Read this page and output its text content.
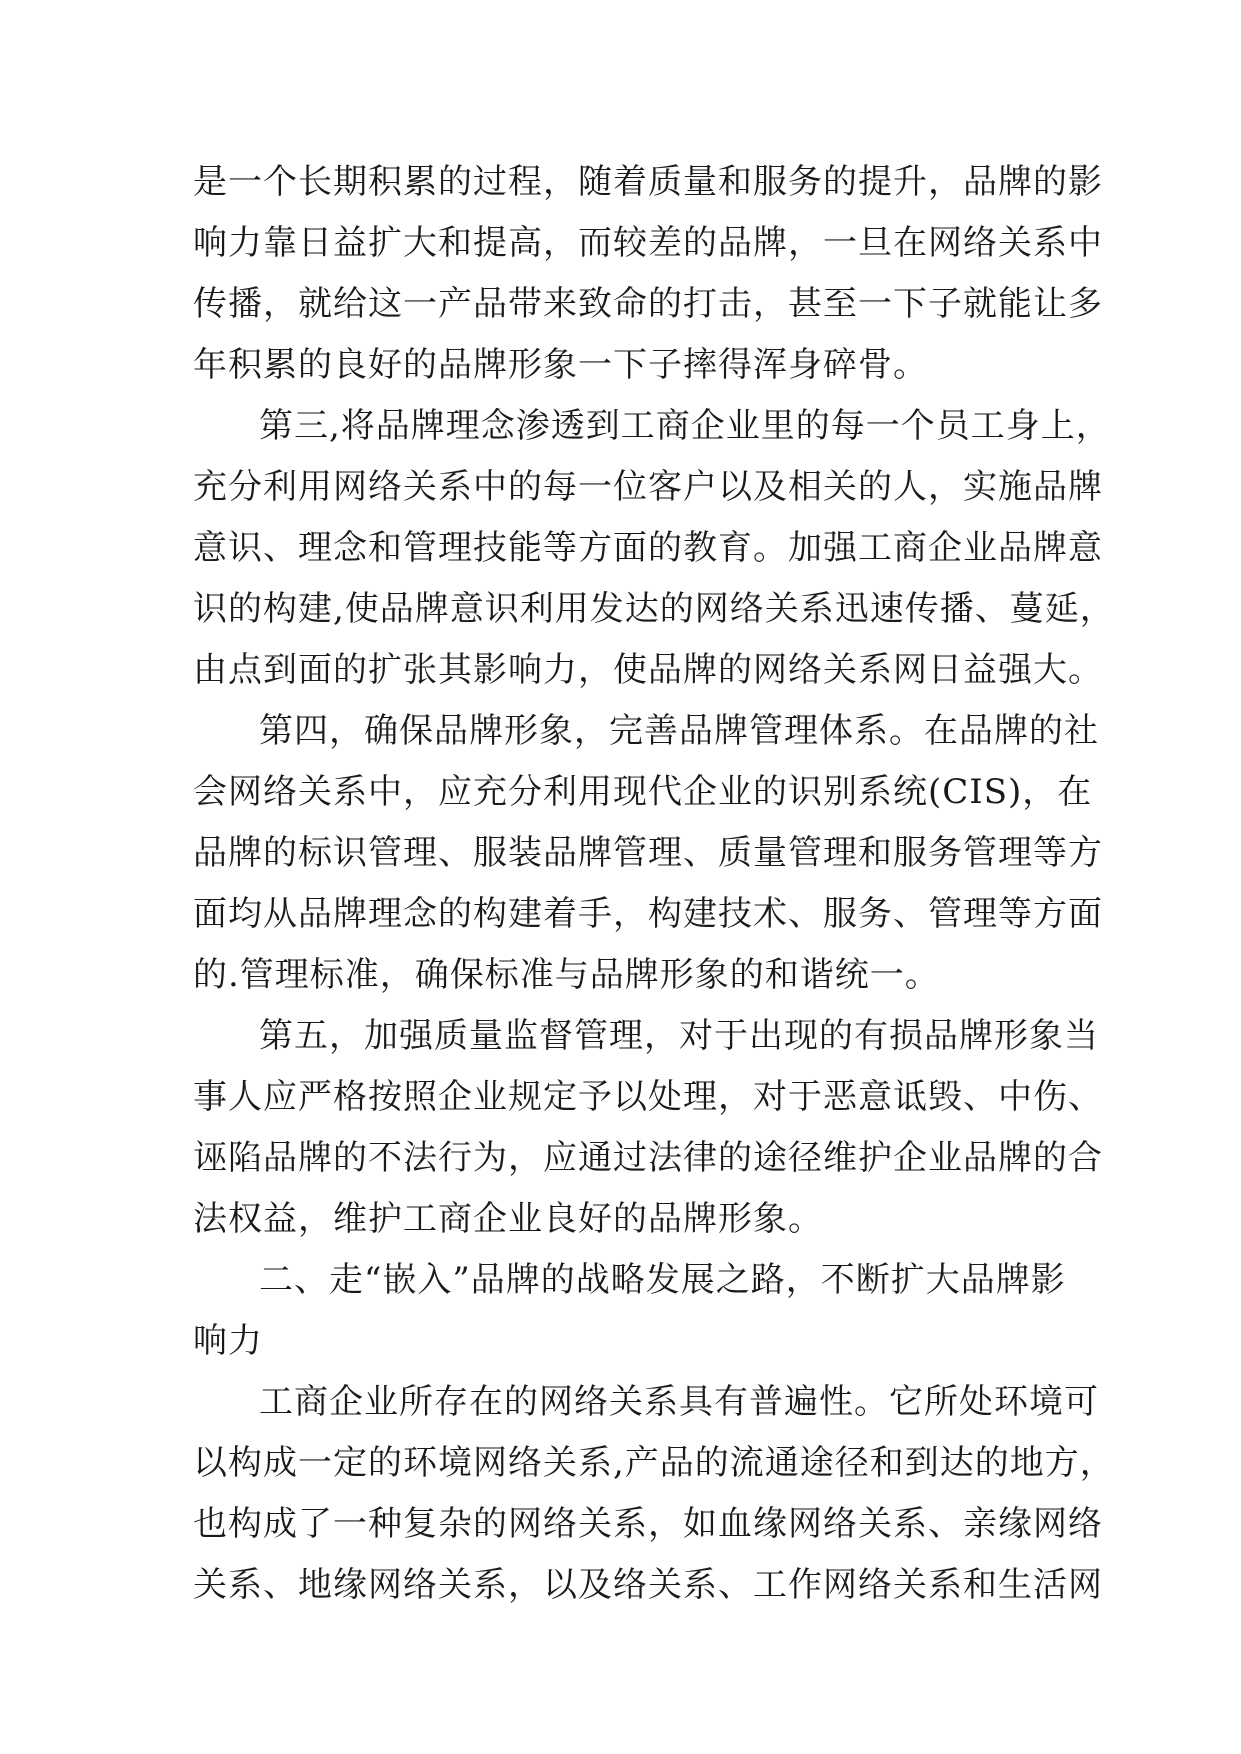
是一个长期积累的过程，随着质量和服务的提升，品牌的影
响力靠日益扩大和提高，而较差的品牌，一旦在网络关系中
传播，就给这一产品带来致命的打击，甚至一下子就能让多
年积累的良好的品牌形象一下子摔得浑身碎骨。
第三,将品牌理念渗透到工商企业里的每一个员工身上，
充分利用网络关系中的每一位客户以及相关的人，实施品牌
意识、理念和管理技能等方面的教育。加强工商企业品牌意
识的构建,使品牌意识利用发达的网络关系迅速传播、蔓延，
由点到面的扩张其影响力，使品牌的网络关系网日益强大。
第四，确保品牌形象，完善品牌管理体系。在品牌的社
会网络关系中，应充分利用现代企业的识别系统(CIS)，在
品牌的标识管理、服装品牌管理、质量管理和服务管理等方
面均从品牌理念的构建着手，构建技术、服务、管理等方面
的.管理标准，确保标准与品牌形象的和谐统一。
第五，加强质量监督管理，对于出现的有损品牌形象当
事人应严格按照企业规定予以处理，对于恶意诋毁、中伤、
诬陷品牌的不法行为，应通过法律的途径维护企业品牌的合
法权益，维护工商企业良好的品牌形象。
二、走“嵌入”品牌的战略发展之路，不断扩大品牌影
响力
工商企业所存在的网络关系具有普遍性。它所处环境可
以构成一定的环境网络关系,产品的流通途径和到达的地方，
也构成了一种复杂的网络关系，如血缘网络关系、亲缘网络
关系、地缘网络关系，以及络关系、工作网络关系和生活网
